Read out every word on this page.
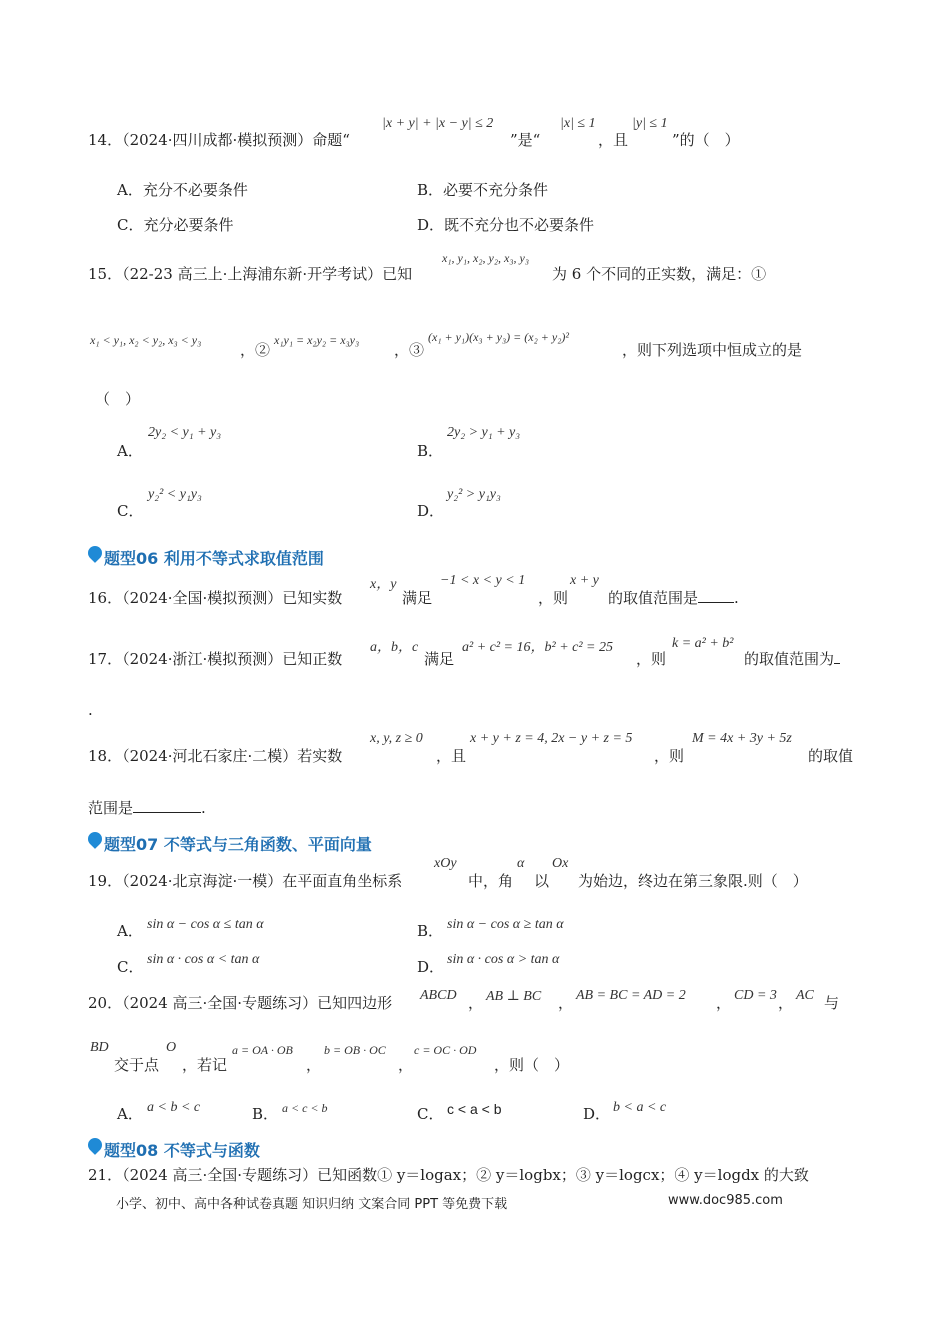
14．（2024·四川成都·模拟预测）命题“
|x + y| + |x − y| ≤ 2
”是“
|x| ≤ 1
，且
|y| ≤ 1
”的（　）
A．充分不必要条件	B．必要不充分条件
C．充分必要条件	D．既不充分也不必要条件
15．（22-23 高三上·上海浦东新·开学考试）已知
x₁, y₁, x₂, y₂, x₃, y₃
为 6 个不同的正实数，满足：①
x₁ < y₁, x₂ < y₂, x₃ < y₃
，②
x₁y₁ = x₂y₂ = x₃y₃
，③
(x₁ + y₁)(x₃ + y₃) = (x₂ + y₂)²
，则下列选项中恒成立的是
（　）
A．
2y₂ < y₁ + y₃
B．
2y₂ > y₁ + y₃
C．
y₂² < y₁y₃
D．
y₂² > y₁y₃
题型06 利用不等式求取值范围
16．（2024·全国·模拟预测）已知实数
x，y
满足
−1 < x < y < 1
，则
x + y
的取值范围是 .
17．（2024·浙江·模拟预测）已知正数
a，b，c
满足
a² + c² = 16，b² + c² = 25
，则
k = a² + b²
的取值范围为
.
18．（2024·河北石家庄·二模）若实数
x, y, z ≥ 0
，且
x + y + z = 4, 2x − y + z = 5
，则
M = 4x + 3y + 5z
的取值
范围是	.
题型07 不等式与三角函数、平面向量
19．（2024·北京海淀·一模）在平面直角坐标系
xOy
中，角
α
以
Ox
为始边，终边在第三象限.则（　）
A． sin α − cos α ≤ tan α	B． sin α − cos α ≥ tan α
C． sin α · cos α < tan α	D． sin α · cos α > tan α
20．（2024 高三·全国·专题练习）已知四边形 ABCD ， AB ⊥ BC ， AB = BC = AD = 2 ， CD = 3 ， AC 与
BD
交于点
O
，若记
a = OA · OB
，
b = OB · OC
，
c = OC · OD
，则（　）
A． a < b < c	B． a < c < b	C． c < a < b	D． b < a < c
题型08 不等式与函数
21．（2024 高三·全国·专题练习）已知函数① y＝logax；② y＝logbx；③ y＝logcx；④ y＝logdx 的大致
小学、初中、高中各种试卷真题 知识归纳 文案合同 PPT 等免费下载	www.doc985.com
